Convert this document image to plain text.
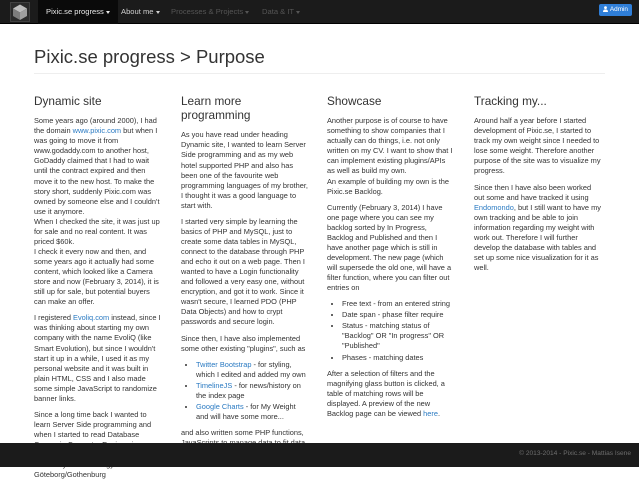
Pixic.se progress	About me	Processes & Projects	Data & IT	Admin
Pixic.se progress > Purpose
Dynamic site

Some years ago (around 2000), I had the domain www.pixic.com but when I was going to move it from www.godaddy.com to another host, GoDaddy claimed that I had to wait until the contract expired and then move it to the new host. To make the story short, suddenly Pixic.com was owned by someone else and I couldn't use it anymore.
When I checked the site, it was just up for sale and no real content. It was priced $60k.
I check it every now and then, and some years ago it actually had some content, which looked like a Camera store and now (February 3, 2014), it is still up for sale, but potential buyers can make an offer.

I registered Evoliq.com instead, since I was thinking about starting my own company with the name EvoliQ (like Smart Evolution), but since I wouldn't start it up in a while, I used it as my personal website and it was built in plain HTML, CSS and I also made some simple JavaScript to randomize banner links.

Since a long time back I wanted to learn Server Side programming and when I started to read Database Göteborg/Gothenburg

Learn more programming

As you have read under heading Dynamic site, I wanted to learn Server Side programming and as my web hotel supported PHP and also has been one of the favourite web programming languages of my brother, I thought it was a good language to start with.

I started very simple by learning the basics of PHP and MySQL, just to create some data tables in MySQL, connect to the database through PHP and echo it out on a web page. Then I wanted to have a Login functionality and followed a very easy one, without encryption, and got it to work. Since it wasn't secure, I learned PDO (PHP Data Objects) and how to crypt passwords and secure login.

Since then, I have also implemented some other existing "plugins", such as

• Twitter Bootstrap - for styling, which I edited and added my own
• TimelineJS - for news/history on the index page
• Google Charts - for My Weight and will have some more...

and also written some PHP functions,

Showcase

Another purpose is of course to have something to show companies that I actually can do things, i.e. not only written on my CV. I want to show that I can implement existing plugins/APIs as well as build my own.
An example of building my own is the Pixic.se Backlog.

Currently (February 3, 2014) I have one page where you can see my backlog sorted by In Progress, Backlog and Published and then I have another page which is still in development. The new page (which will supersede the old one, will have a filter function, where you can filter out entries on

• Free text - from an entered string
• Date span - phase filter require
• Status - matching status of "Backlog" OR "In progress" OR "Published"
• Phases - matching dates

After a selection of filters and the magnifying glass button is clicked, a table of matching rows will be displayed. A preview of the new Backlog page can be viewed here.

Tracking my...

Around half a year before I started development of Pixic.se, I started to track my own weight since I needed to lose some weight. Therefore another purpose of the site was to visualize my progress.

Since then I have also been worked out some and have tracked it using Endomondo, but I still want to have my own tracking and be able to join information regarding my weight with work out. Therefore I will further develop the database with tables and set up some nice visualization for it as well.

© 2013-2014 - Pixic.se - Mattias Isene
